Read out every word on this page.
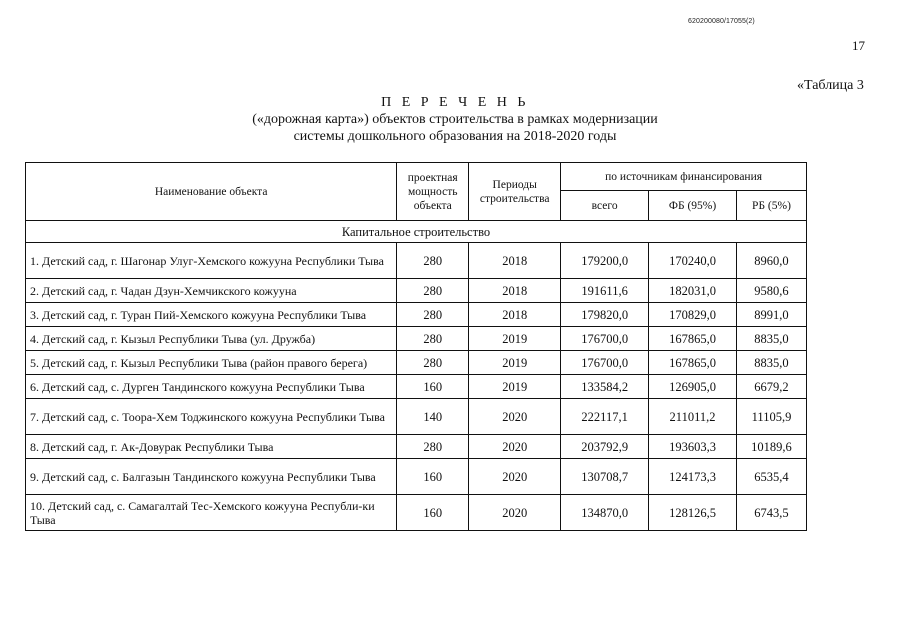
620200080/17055(2)
17
«Таблица 3
П Е Р Е Ч Е Н Ь
(«дорожная карта») объектов строительства в рамках модернизации
системы дошкольного образования на 2018-2020 годы
Наименование объекта	проектная мощность объекта	Периоды строительства	по источникам финансирования		
			всего	ФБ (95%)	РБ (5%)
Капитальное строительство					
1. Детский сад, г. Шагонар Улуг-Хемского кожууна Республики Тыва	280	2018	179200,0	170240,0	8960,0
2. Детский сад, г. Чадан Дзун-Хемчикского кожууна	280	2018	191611,6	182031,0	9580,6
3. Детский сад, г. Туран Пий-Хемского кожууна Республики Тыва	280	2018	179820,0	170829,0	8991,0
4. Детский сад, г. Кызыл Республики Тыва (ул. Дружба)	280	2019	176700,0	167865,0	8835,0
5. Детский сад, г. Кызыл Республики Тыва (район правого берега)	280	2019	176700,0	167865,0	8835,0
6. Детский сад, с. Дурген Тандинского кожууна Республики Тыва	160	2019	133584,2	126905,0	6679,2
7. Детский сад, с. Тоора-Хем Тоджинского кожууна Республики Тыва	140	2020	222117,1	211011,2	11105,9
8. Детский сад, г. Ак-Довурак Республики Тыва	280	2020	203792,9	193603,3	10189,6
9. Детский сад, с. Балгазын Тандинского кожууна Республики Тыва	160	2020	130708,7	124173,3	6535,4
10. Детский сад, с. Самагалтай Тес-Хемского кожууна Республи-ки Тыва	160	2020	134870,0	128126,5	6743,5
